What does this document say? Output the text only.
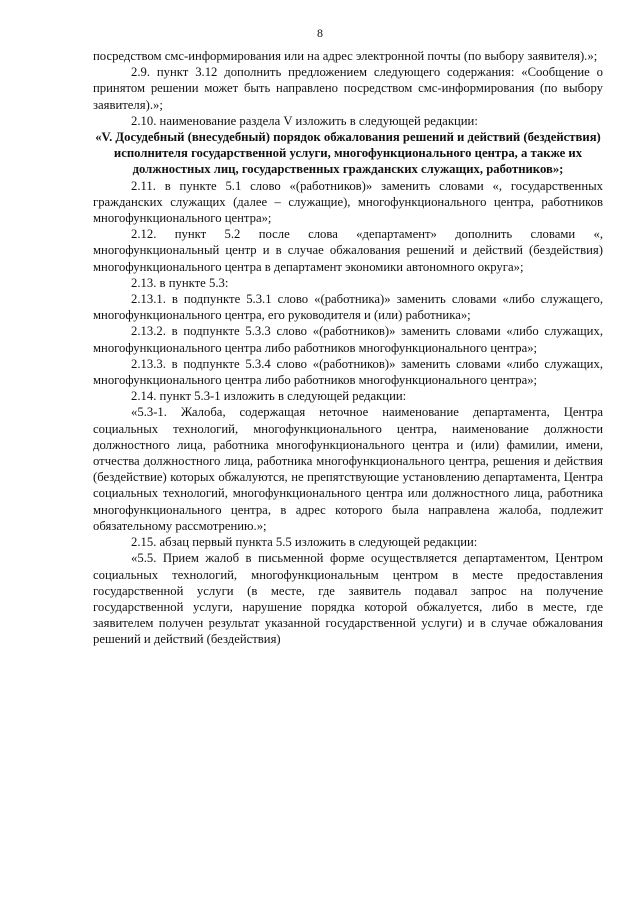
8

посредством смс-информирования или на адрес электронной почты (по выбору заявителя).»;

2.9. пункт 3.12 дополнить предложением следующего содержания: «Сообщение о принятом решении может быть направлено посредством смс-информирования (по выбору заявителя).»;

2.10. наименование раздела V изложить в следующей редакции:

«V. Досудебный (внесудебный) порядок обжалования решений и действий (бездействия) исполнителя государственной услуги, многофункционального центра, а также их должностных лиц, государственных гражданских служащих, работников»;

2.11. в пункте 5.1 слово «(работников)» заменить словами «, государственных гражданских служащих (далее – служащие), многофункционального центра, работников многофункционального центра»;

2.12. пункт 5.2 после слова «департамент» дополнить словами «, многофункциональный центр и в случае обжалования решений и действий (бездействия) многофункционального центра в департамент экономики автономного округа»;

2.13. в пункте 5.3:

2.13.1. в подпункте 5.3.1 слово «(работника)» заменить словами «либо служащего, многофункционального центра, его руководителя и (или) работника»;

2.13.2. в подпункте 5.3.3 слово «(работников)» заменить словами «либо служащих, многофункционального центра либо работников многофункционального центра»;

2.13.3. в подпункте 5.3.4 слово «(работников)» заменить словами «либо служащих, многофункционального центра либо работников многофункционального центра»;

2.14. пункт 5.3-1 изложить в следующей редакции:

«5.3-1. Жалоба, содержащая неточное наименование департамента, Центра социальных технологий, многофункционального центра, наименование должности должностного лица, работника многофункционального центра и (или) фамилии, имени, отчества должностного лица, работника многофункционального центра, решения и действия (бездействие) которых обжалуются, не препятствующие установлению департамента, Центра социальных технологий, многофункционального центра или должностного лица, работника многофункционального центра, в адрес которого была направлена жалоба, подлежит обязательному рассмотрению.»;

2.15. абзац первый пункта 5.5 изложить в следующей редакции:

«5.5. Прием жалоб в письменной форме осуществляется департаментом, Центром социальных технологий, многофункциональным центром в месте предоставления государственной услуги (в месте, где заявитель подавал запрос на получение государственной услуги, нарушение порядка которой обжалуется, либо в месте, где заявителем получен результат указанной государственной услуги) и в случае обжалования решений и действий (бездействия)
